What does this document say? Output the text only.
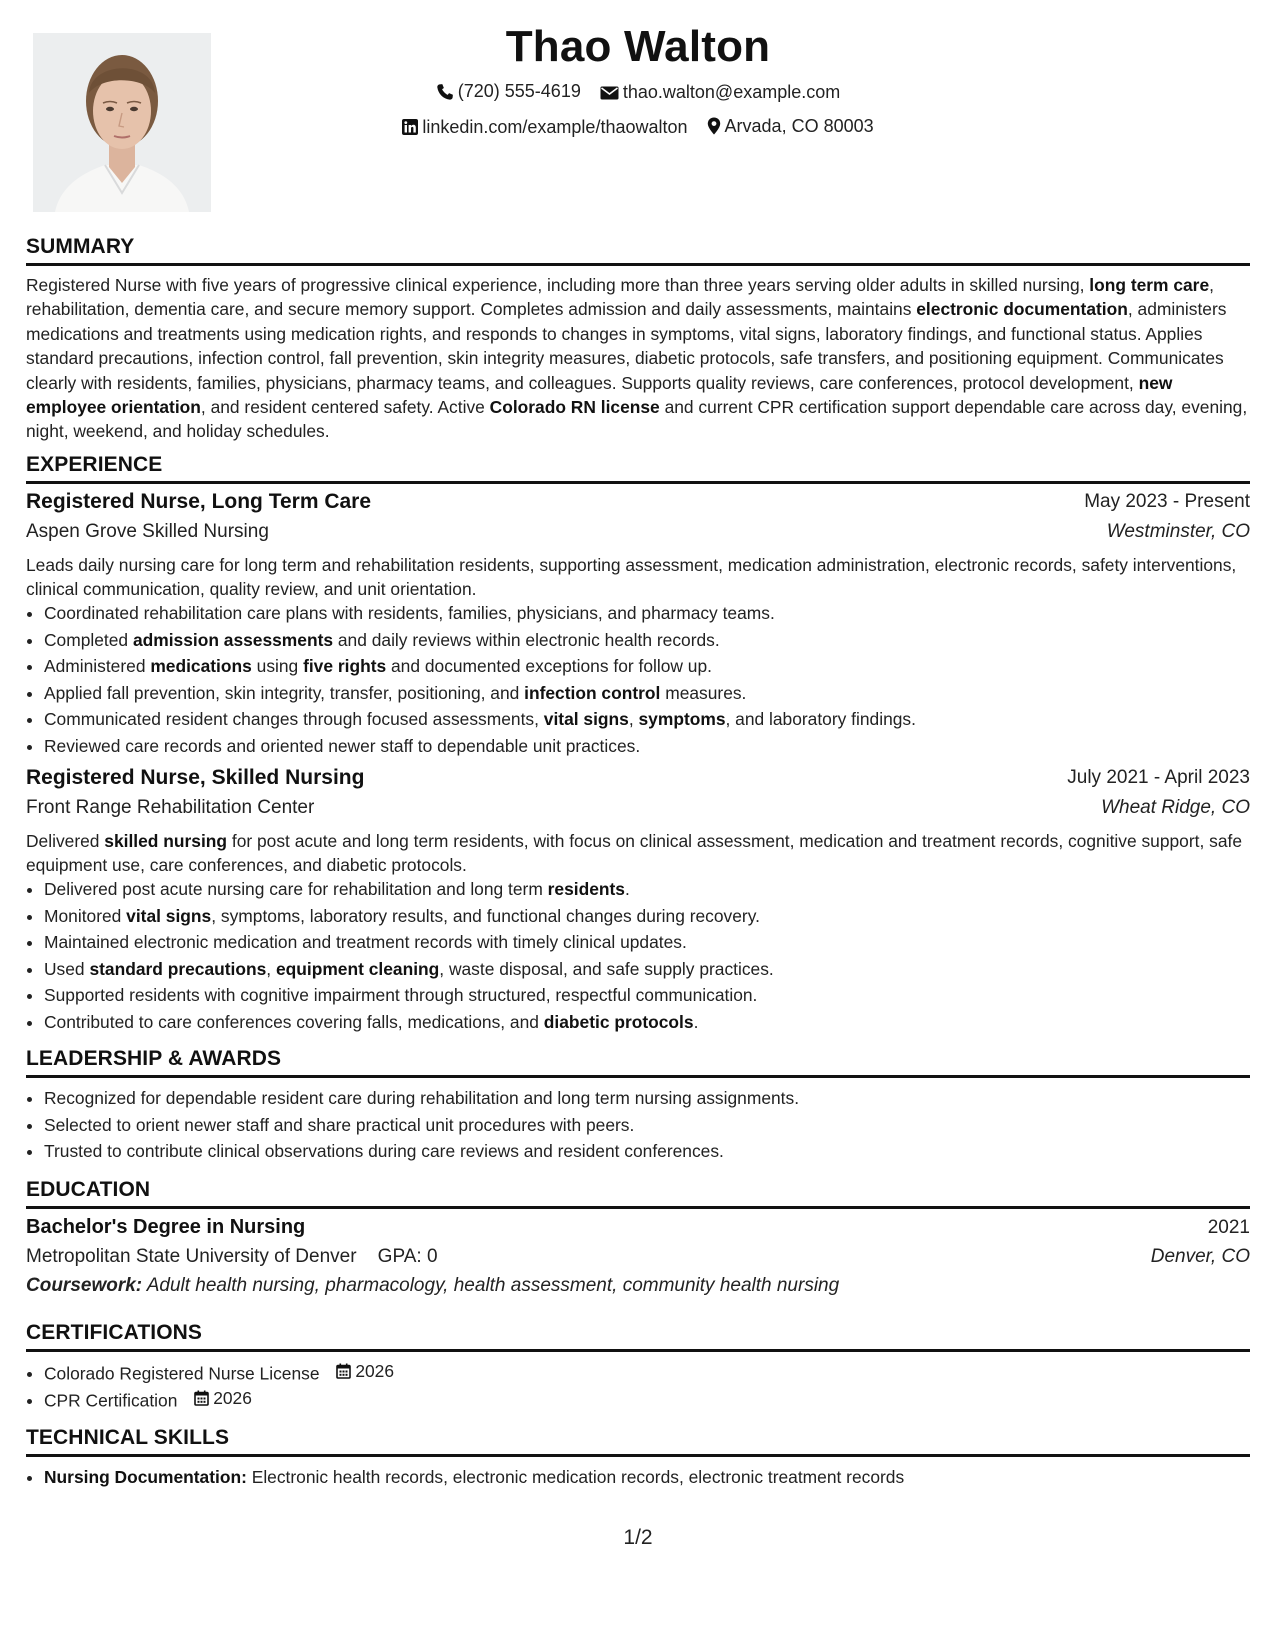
Thao Walton
(720) 555-4619
thao.walton@example.com
linkedin.com/example/thaowalton
Arvada, CO 80003
SUMMARY
Registered Nurse with five years of progressive clinical experience, including more than three years serving older adults in skilled nursing, long term care, rehabilitation, dementia care, and secure memory support. Completes admission and daily assessments, maintains electronic documentation, administers medications and treatments using medication rights, and responds to changes in symptoms, vital signs, laboratory findings, and functional status. Applies standard precautions, infection control, fall prevention, skin integrity measures, diabetic protocols, safe transfers, and positioning equipment. Communicates clearly with residents, families, physicians, pharmacy teams, and colleagues. Supports quality reviews, care conferences, protocol development, new employee orientation, and resident centered safety. Active Colorado RN license and current CPR certification support dependable care across day, evening, night, weekend, and holiday schedules.
EXPERIENCE
Registered Nurse, Long Term Care	May 2023 - Present
Aspen Grove Skilled Nursing	Westminster, CO
Leads daily nursing care for long term and rehabilitation residents, supporting assessment, medication administration, electronic records, safety interventions, clinical communication, quality review, and unit orientation.
• Coordinated rehabilitation care plans with residents, families, physicians, and pharmacy teams.
• Completed admission assessments and daily reviews within electronic health records.
• Administered medications using five rights and documented exceptions for follow up.
• Applied fall prevention, skin integrity, transfer, positioning, and infection control measures.
• Communicated resident changes through focused assessments, vital signs, symptoms, and laboratory findings.
• Reviewed care records and oriented newer staff to dependable unit practices.
Registered Nurse, Skilled Nursing	July 2021 - April 2023
Front Range Rehabilitation Center	Wheat Ridge, CO
Delivered skilled nursing for post acute and long term residents, with focus on clinical assessment, medication and treatment records, cognitive support, safe equipment use, care conferences, and diabetic protocols.
• Delivered post acute nursing care for rehabilitation and long term residents.
• Monitored vital signs, symptoms, laboratory results, and functional changes during recovery.
• Maintained electronic medication and treatment records with timely clinical updates.
• Used standard precautions, equipment cleaning, waste disposal, and safe supply practices.
• Supported residents with cognitive impairment through structured, respectful communication.
• Contributed to care conferences covering falls, medications, and diabetic protocols.
LEADERSHIP & AWARDS
• Recognized for dependable resident care during rehabilitation and long term nursing assignments.
• Selected to orient newer staff and share practical unit procedures with peers.
• Trusted to contribute clinical observations during care reviews and resident conferences.
EDUCATION
Bachelor's Degree in Nursing	2021
Metropolitan State University of Denver GPA: 0	Denver, CO
Coursework: Adult health nursing, pharmacology, health assessment, community health nursing
CERTIFICATIONS
• Colorado Registered Nurse License 2026
• CPR Certification 2026
TECHNICAL SKILLS
• Nursing Documentation: Electronic health records, electronic medication records, electronic treatment records
1/2
